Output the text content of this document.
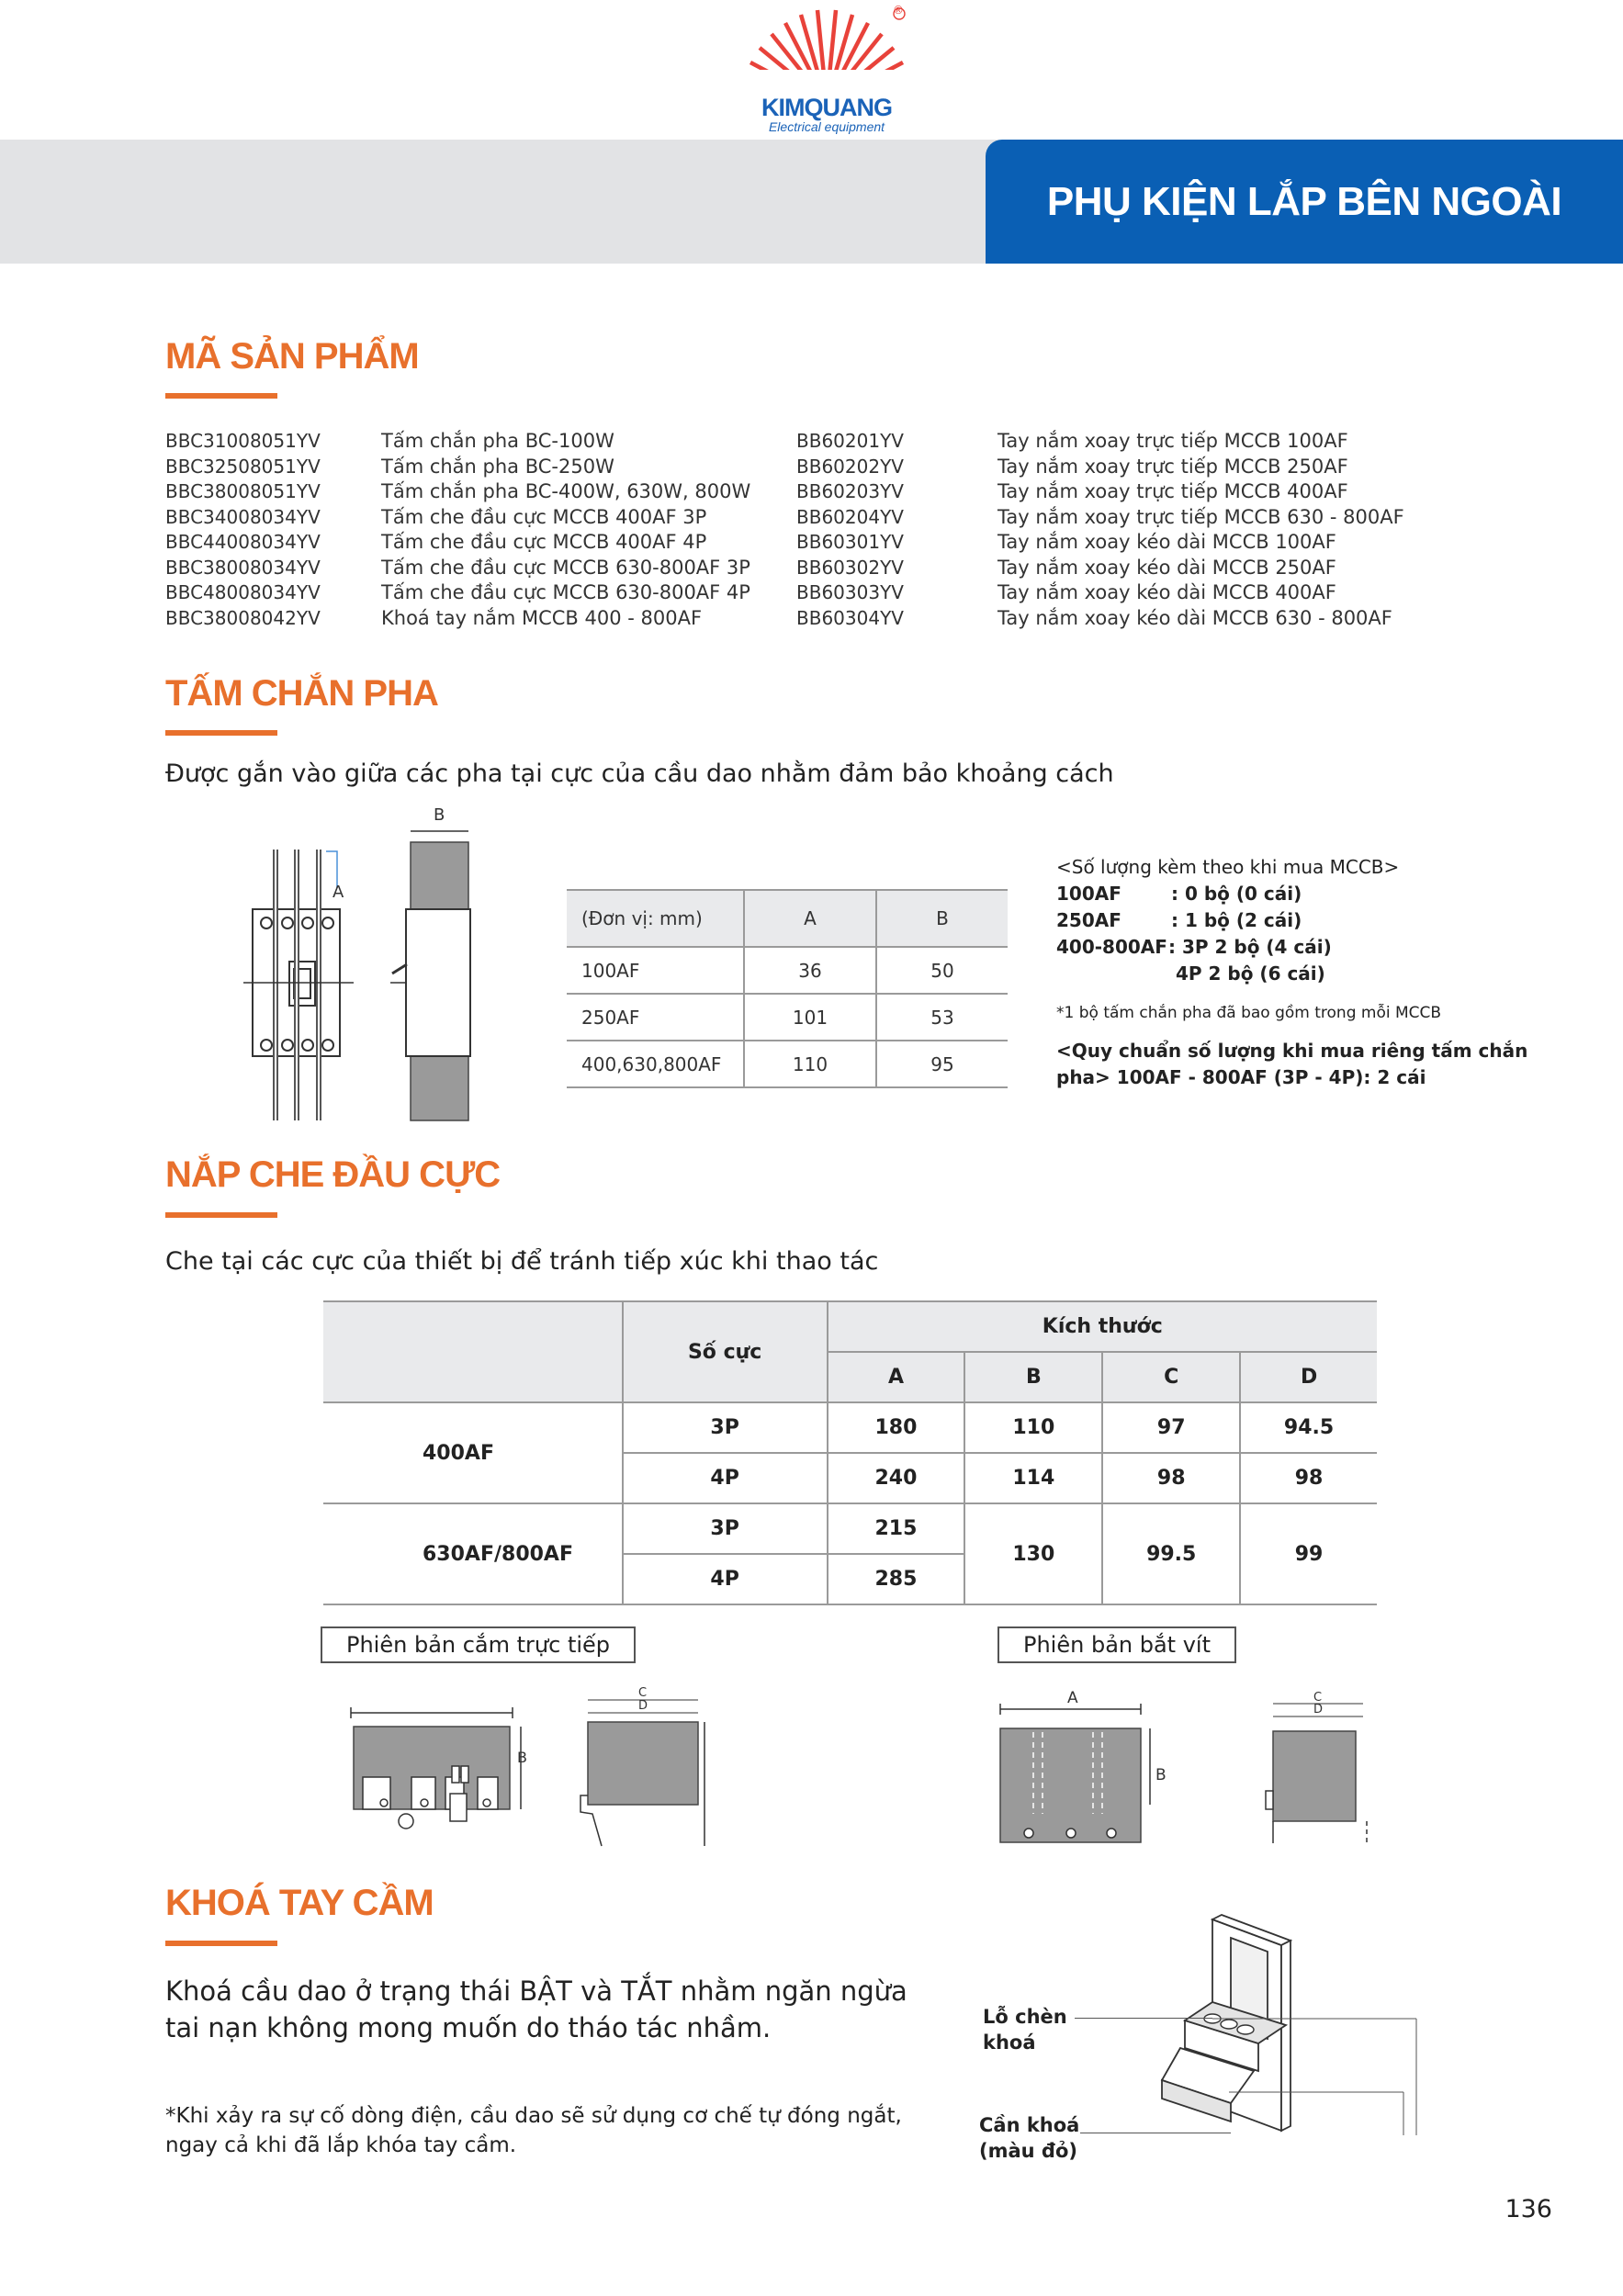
®
KIMQUANG
Electrical equipment
PHỤ KIỆN LẮP BÊN NGOÀI
MÃ SẢN PHẨM
BBC31008051YV	Tấm chắn pha BC-100W
BBC32508051YV	Tấm chắn pha BC-250W
BBC38008051YV	Tấm chắn pha BC-400W, 630W, 800W
BBC34008034YV	Tấm che đầu cực MCCB 400AF 3P
BBC44008034YV	Tấm che đầu cực MCCB 400AF 4P
BBC38008034YV	Tấm che đầu cực MCCB 630-800AF 3P
BBC48008034YV	Tấm che đầu cực MCCB 630-800AF 4P
BBC38008042YV	Khoá tay nắm MCCB 400 - 800AF
BB60201YV	Tay nắm xoay trực tiếp MCCB 100AF
BB60202YV	Tay nắm xoay trực tiếp MCCB 250AF
BB60203YV	Tay nắm xoay trực tiếp MCCB 400AF
BB60204YV	Tay nắm xoay trực tiếp MCCB 630 - 800AF
BB60301YV	Tay nắm xoay kéo dài MCCB 100AF
BB60302YV	Tay nắm xoay kéo dài MCCB 250AF
BB60303YV	Tay nắm xoay kéo dài MCCB 400AF
BB60304YV	Tay nắm xoay kéo dài MCCB 630 - 800AF
TẤM CHẮN PHA
Được gắn vào giữa các pha tại cực của cầu dao nhằm đảm bảo khoảng cách
A
B
(Đơn vị: mm)	A	B
100AF	36	50
250AF	101	53
400,630,800AF	110	95
<Số lượng kèm theo khi mua MCCB>
100AF	: 0 bộ (0 cái)
250AF	: 1 bộ (2 cái)
400-800AF : 3P 2 bộ (4 cái)
4P 2 bộ (6 cái)
*1 bộ tấm chắn pha đã bao gồm trong mỗi MCCB
<Quy chuẩn số lượng khi mua riêng tấm chắn
pha> 100AF - 800AF (3P - 4P): 2 cái
NẮP CHE ĐẦU CỰC
Che tại các cực của thiết bị để tránh tiếp xúc khi thao tác
	Số cực	Kích thước			
		A	B	C	D
400AF	3P	180	110	97	94.5
	4P	240	114	98	98
630AF/800AF	3P	215	130	99.5	99
	4P	285			
Phiên bản cắm trực tiếp	Phiên bản bắt vít
B
C
D	A
B
C
D
KHOÁ TAY CẦM
Khoá cầu dao ở trạng thái BẬT và TẮT nhằm ngăn ngừa
tai nạn không mong muốn do tháo tác nhầm.
*Khi xảy ra sự cố dòng điện, cầu dao sẽ sử dụng cơ chế tự đóng ngắt,
ngay cả khi đã lắp khóa tay cầm.
Lỗ chèn
khoá
Cần khoá
(màu đỏ)
136
